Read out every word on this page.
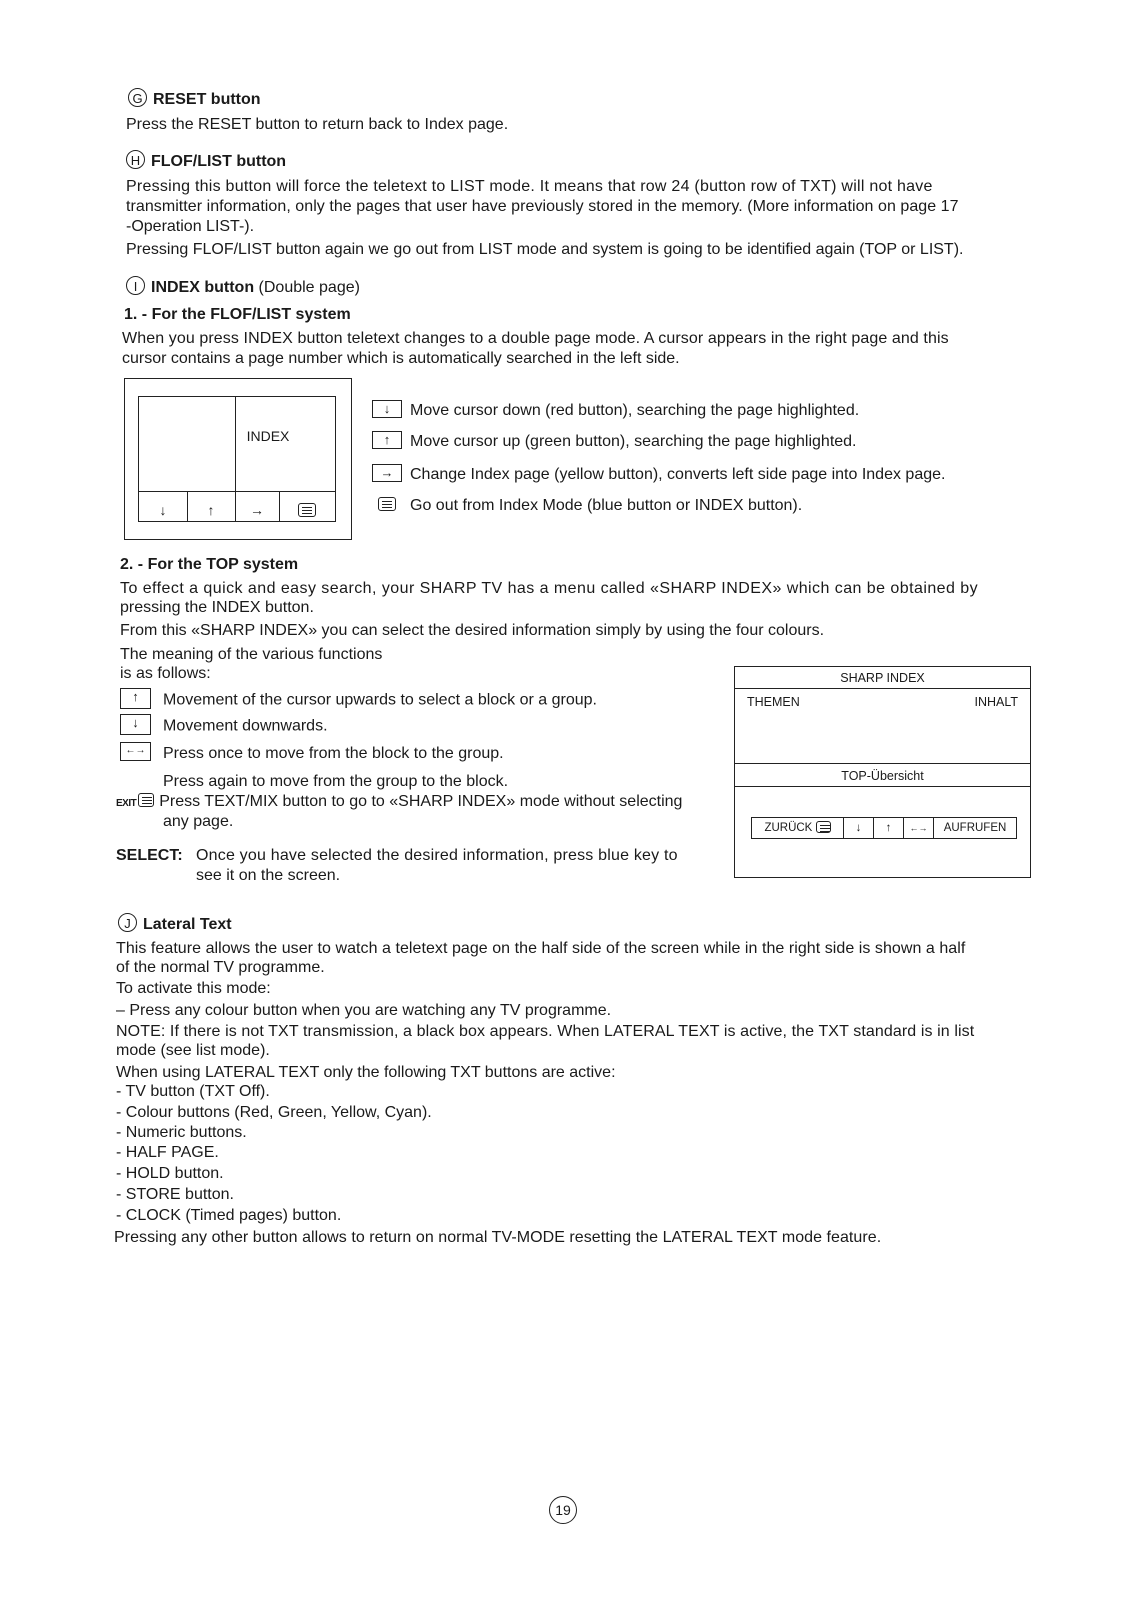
G RESET button

Press the RESET button to return back to Index page.

H FLOF/LIST button

Pressing this button will force the teletext to LIST mode. It means that row 24 (button row of TXT) will not have

transmitter information, only the pages that user have previously stored in the memory. (More information on page 17

-Operation LIST-).

Pressing FLOF/LIST button again we go out from LIST mode and system is going to be identified again (TOP or LIST).

I INDEX button (Double page)

1. - For the FLOF/LIST system

When you press INDEX button teletext changes to a double page mode. A cursor appears in the right page and this

cursor contains a page number which is automatically searched in the left side.

INDEX
↓	↑	→
↓ Move cursor down (red button), searching the page highlighted.
↑ Move cursor up (green button), searching the page highlighted.
→ Change Index page (yellow button), converts left side page into Index page.
Go out from Index Mode (blue button or INDEX button).

2. - For the TOP system

To effect a quick and easy search, your SHARP TV has a menu called «SHARP INDEX» which can be obtained by

pressing the INDEX button.

From this «SHARP INDEX» you can select the desired information simply by using the four colours.

The meaning of the various functions

is as follows:

↑ Movement of the cursor upwards to select a block or a group.
↓ Movement downwards.
←→ Press once to move from the block to the group.

Press again to move from the group to the block.

EXIT Press TEXT/MIX button to go to «SHARP INDEX» mode without selecting

any page.

SELECT: Once you have selected the desired information, press blue key to

see it on the screen.

SHARP INDEX
THEMEN	INHALT
TOP-Übersicht
ZURÜCK	↓	↑	←→	AUFRUFEN
J Lateral Text

This feature allows the user to watch a teletext page on the half side of the screen while in the right side is shown a half

of the normal TV programme.

To activate this mode:

– Press any colour button when you are watching any TV programme.

NOTE: If there is not TXT transmission, a black box appears. When LATERAL TEXT is active, the TXT standard is in list

mode (see list mode).

When using LATERAL TEXT only the following TXT buttons are active:

- TV button (TXT Off).

- Colour buttons (Red, Green, Yellow, Cyan).

- Numeric buttons.

- HALF PAGE.

- HOLD button.

- STORE button.

- CLOCK (Timed pages) button.

Pressing any other button allows to return on normal TV-MODE resetting the LATERAL TEXT mode feature.

19
